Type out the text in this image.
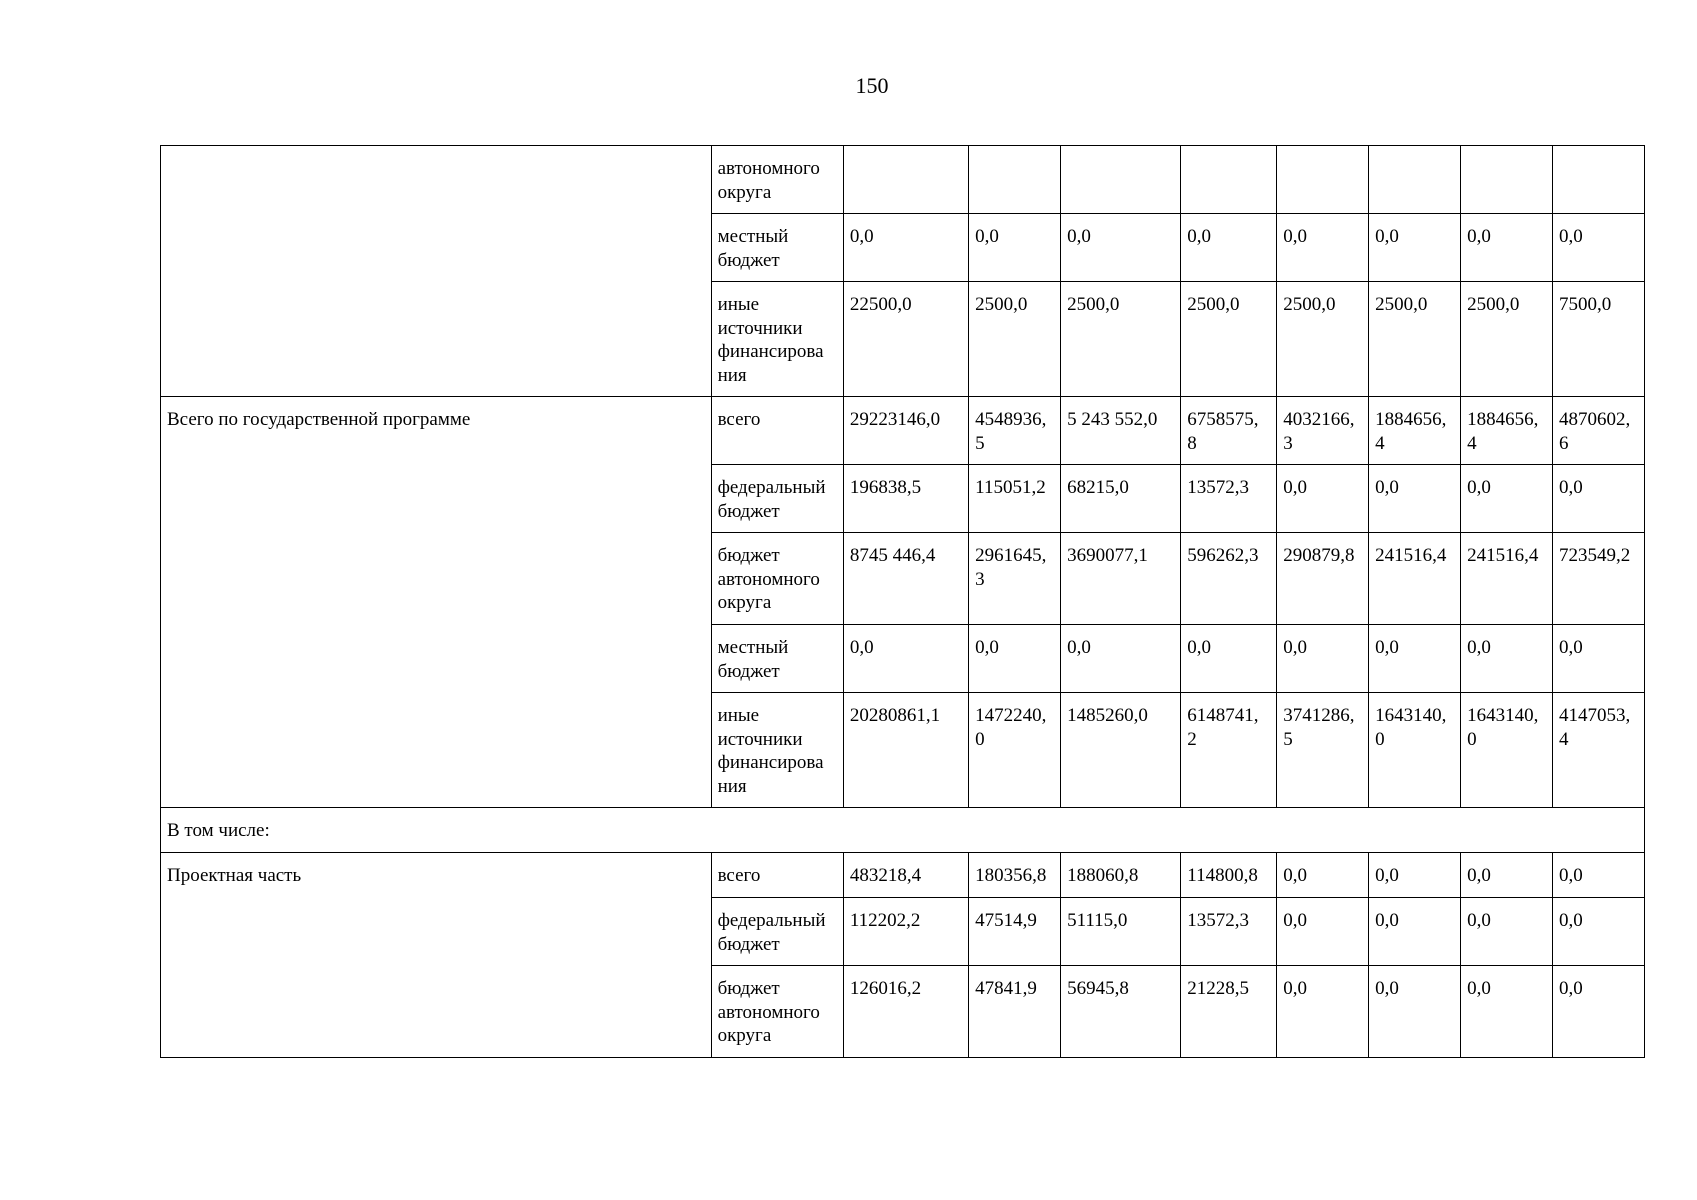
150
	автономного округа								
	местный бюджет	0,0	0,0	0,0	0,0	0,0	0,0	0,0	0,0
	иные источники финансирова ния	22500,0	2500,0	2500,0	2500,0	2500,0	2500,0	2500,0	7500,0
Всего по государственной программе	всего	29223146,0	4548936, 5	5 243 552,0	6758575, 8	4032166, 3	1884656, 4	1884656, 4	4870602, 6
	федеральный бюджет	196838,5	115051,2	68215,0	13572,3	0,0	0,0	0,0	0,0
	бюджет автономного округа	8745 446,4	2961645, 3	3690077,1	596262,3	290879,8	241516,4	241516,4	723549,2
	местный бюджет	0,0	0,0	0,0	0,0	0,0	0,0	0,0	0,0
	иные источники финансирова ния	20280861,1	1472240, 0	1485260,0	6148741, 2	3741286, 5	1643140, 0	1643140, 0	4147053, 4
В том числе:									
Проектная часть	всего	483218,4	180356,8	188060,8	114800,8	0,0	0,0	0,0	0,0
	федеральный бюджет	112202,2	47514,9	51115,0	13572,3	0,0	0,0	0,0	0,0
	бюджет автономного округа	126016,2	47841,9	56945,8	21228,5	0,0	0,0	0,0	0,0
